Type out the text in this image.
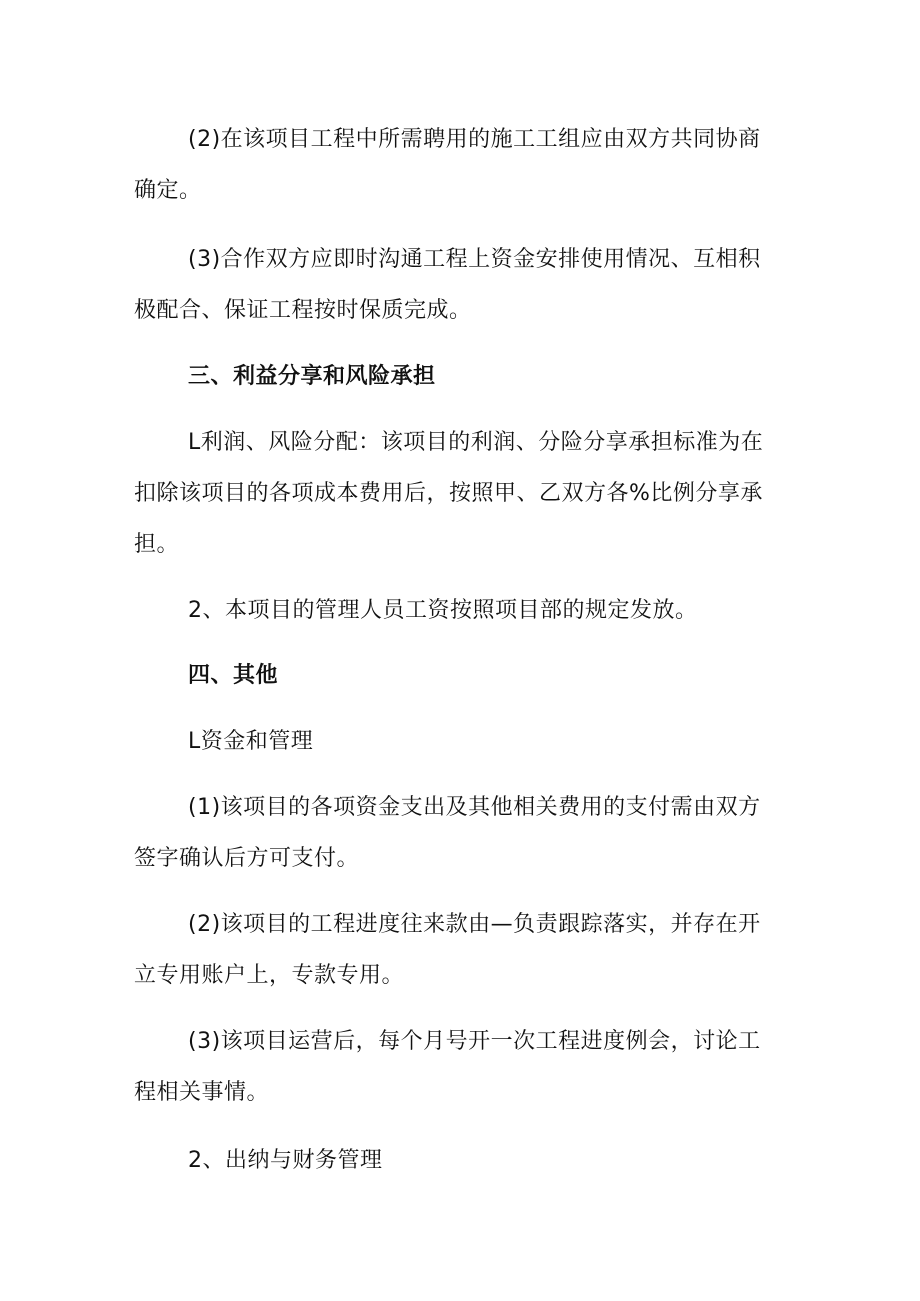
(2)在该项目工程中所需聘用的施工工组应由双方共同协商
确定。
(3)合作双方应即时沟通工程上资金安排使用情况、互相积
极配合、保证工程按时保质完成。
三、利益分享和风险承担
L利润、风险分配：该项目的利润、分险分享承担标准为在
扣除该项目的各项成本费用后，按照甲、乙双方各%比例分享承
担。
2、本项目的管理人员工资按照项目部的规定发放。
四、其他
L资金和管理
(1)该项目的各项资金支出及其他相关费用的支付需由双方
签字确认后方可支付。
(2)该项目的工程进度往来款由—负责跟踪落实，并存在开
立专用账户上，专款专用。
(3)该项目运营后，每个月号开一次工程进度例会，讨论工
程相关事情。
2、出纳与财务管理
